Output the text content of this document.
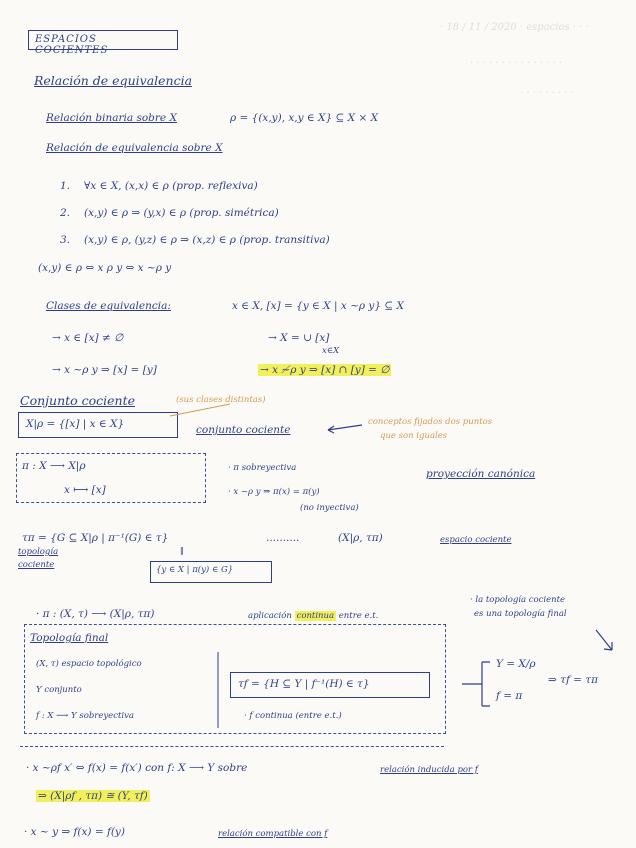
· 18 / 11 / 2020 · espacios · · ·
· · · · · · · · · · · · · · ·
· · · · · · · · ·
ESPACIOS COCIENTES
Relación de equivalencia
Relación binaria sobre X	ρ = {(x,y), x,y ∈ X} ⊆ X × X
Relación de equivalencia sobre X
1. ∀x ∈ X, (x,x) ∈ ρ (prop. reflexiva)
2. (x,y) ∈ ρ ⇒ (y,x) ∈ ρ (prop. simétrica)
3. (x,y) ∈ ρ, (y,z) ∈ ρ ⇒ (x,z) ∈ ρ (prop. transitiva)
(x,y) ∈ ρ ⇔ x ρ y ⇔ x ~ρ y
Clases de equivalencia:	x ∈ X, [x] = {y ∈ X | x ~ρ y} ⊆ X
→ x ∈ [x] ≠ ∅	→ X = ∪ [x]
x∈X
→ x ~ρ y ⇒ [x] = [y]	→ x ≁ρ y ⇒ [x] ∩ [y] = ∅
Conjunto cociente	(sus clases distintas)
X|ρ = {[x] | x ∈ X}	conjunto cociente
conceptos fijados dos puntos
que son iguales
π : X ⟶ X|ρ
x ⟼ [x]
· π sobreyectiva
· x ~ρ y ⇒ π(x) = π(y)
(no inyectiva)
proyección canónica
τπ = {G ⊆ X|ρ | π⁻¹(G) ∈ τ}	..........	(X|ρ, τπ)	espacio cociente
topología
cociente
∥
{y ∈ X | π(y) ∈ G}
· π : (X, τ) ⟶ (X|ρ, τπ)	aplicación continua entre e.t.
· la topología cociente
es una topología final
Topología final
(X, τ) espacio topológico
Y conjunto
f : X ⟶ Y sobreyectiva
τf = {H ⊆ Y | f⁻¹(H) ∈ τ}
· f continua (entre e.t.)
Y = X/ρ
f = π
⇒ τf = τπ
· x ~ρf x′ ⇔ f(x) = f(x′) con f: X ⟶ Y sobre	relación inducida por f
⇒ (X|ρf , τπ) ≅ (Y, τf)
· x ~ y ⇒ f(x) = f(y)	relación compatible con f
